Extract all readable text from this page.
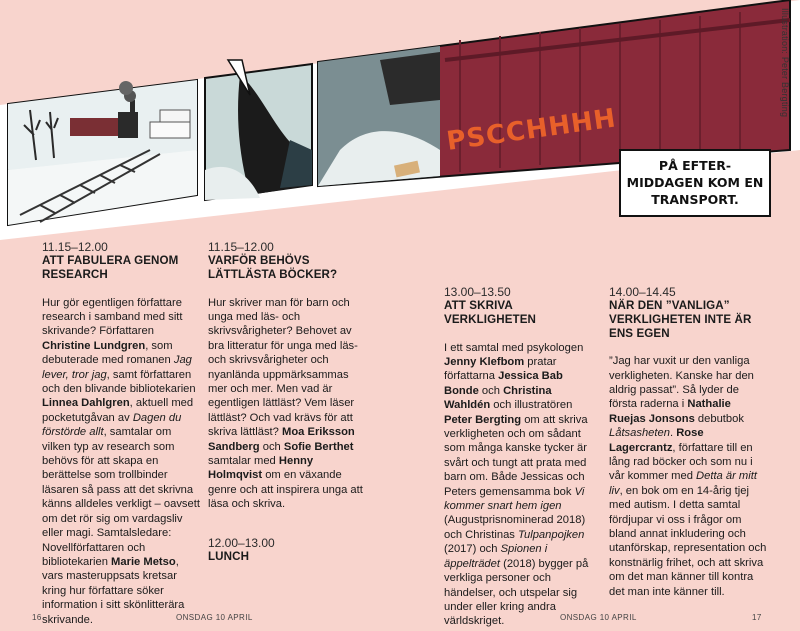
PSCCHHHH
PÅ EFTER-
MIDDAGEN KOM EN
TRANSPORT.
Illustration: Peter Bergting
11.15–12.00
ATT FABULERA GENOM RESEARCH

Hur gör egentligen författare research i samband med sitt skrivande? Författaren Christine Lundgren, som debuterade med romanen Jag lever, tror jag, samt författaren och den blivande bibliotekarien Linnea Dahlgren, aktuell med pocketutgåvan av Dagen du förstörde allt, samtalar om vilken typ av research som behövs för att skapa en berättelse som trollbinder läsaren så pass att det skrivna känns alldeles verkligt – oavsett om det rör sig om vardagsliv eller magi. Samtalsledare: Novellförfattaren och bibliotekarien Marie Metso, vars masteruppsats kretsar kring hur författare söker information i sitt skönlitterära skrivande.

11.15–12.00
VARFÖR BEHÖVS LÄTTLÄSTA BÖCKER?

Hur skriver man för barn och unga med läs- och skrivsvårigheter? Behovet av bra litteratur för unga med läs- och skrivsvårigheter och nyanlända uppmärksammas mer och mer. Men vad är egentligen lättläst? Vem läser lättläst? Och vad krävs för att skriva lättläst? Moa Eriksson Sandberg och Sofie Berthet samtalar med Henny Holmqvist om en växande genre och att inspirera unga att läsa och skriva.

12.00–13.00
LUNCH
13.00–13.50
ATT SKRIVA VERKLIGHETEN

I ett samtal med psykologen Jenny Klefbom pratar författarna Jessica Bab Bonde och Christina Wahldén och illustratören Peter Bergting om att skriva verkligheten och om sådant som många kanske tycker är svårt och tungt att prata med barn om. Både Jessicas och Peters gemensamma bok Vi kommer snart hem igen (Augustprisnominerad 2018) och Christinas Tulpanpojken (2017) och Spionen i äppelträdet (2018) bygger på verkliga personer och händelser, och utspelar sig under eller kring andra världskriget.

14.00–14.45
NÄR DEN ”VANLIGA” VERKLIGHETEN INTE ÄR ENS EGEN

”Jag har vuxit ur den vanliga verkligheten. Kanske har den aldrig passat”. Så lyder de första raderna i Nathalie Ruejas Jonsons debutbok Låtsasheten. Rose Lagercrantz, författare till en lång rad böcker och som nu i vår kommer med Detta är mitt liv, en bok om en 14-årig tjej med autism. I detta samtal fördjupar vi oss i frågor om bland annat inkludering och utanförskap, representation och konstnärlig frihet, och att skriva om det man känner till kontra det man inte känner till.

16	ONSDAG 10 APRIL	ONSDAG 10 APRIL	17
